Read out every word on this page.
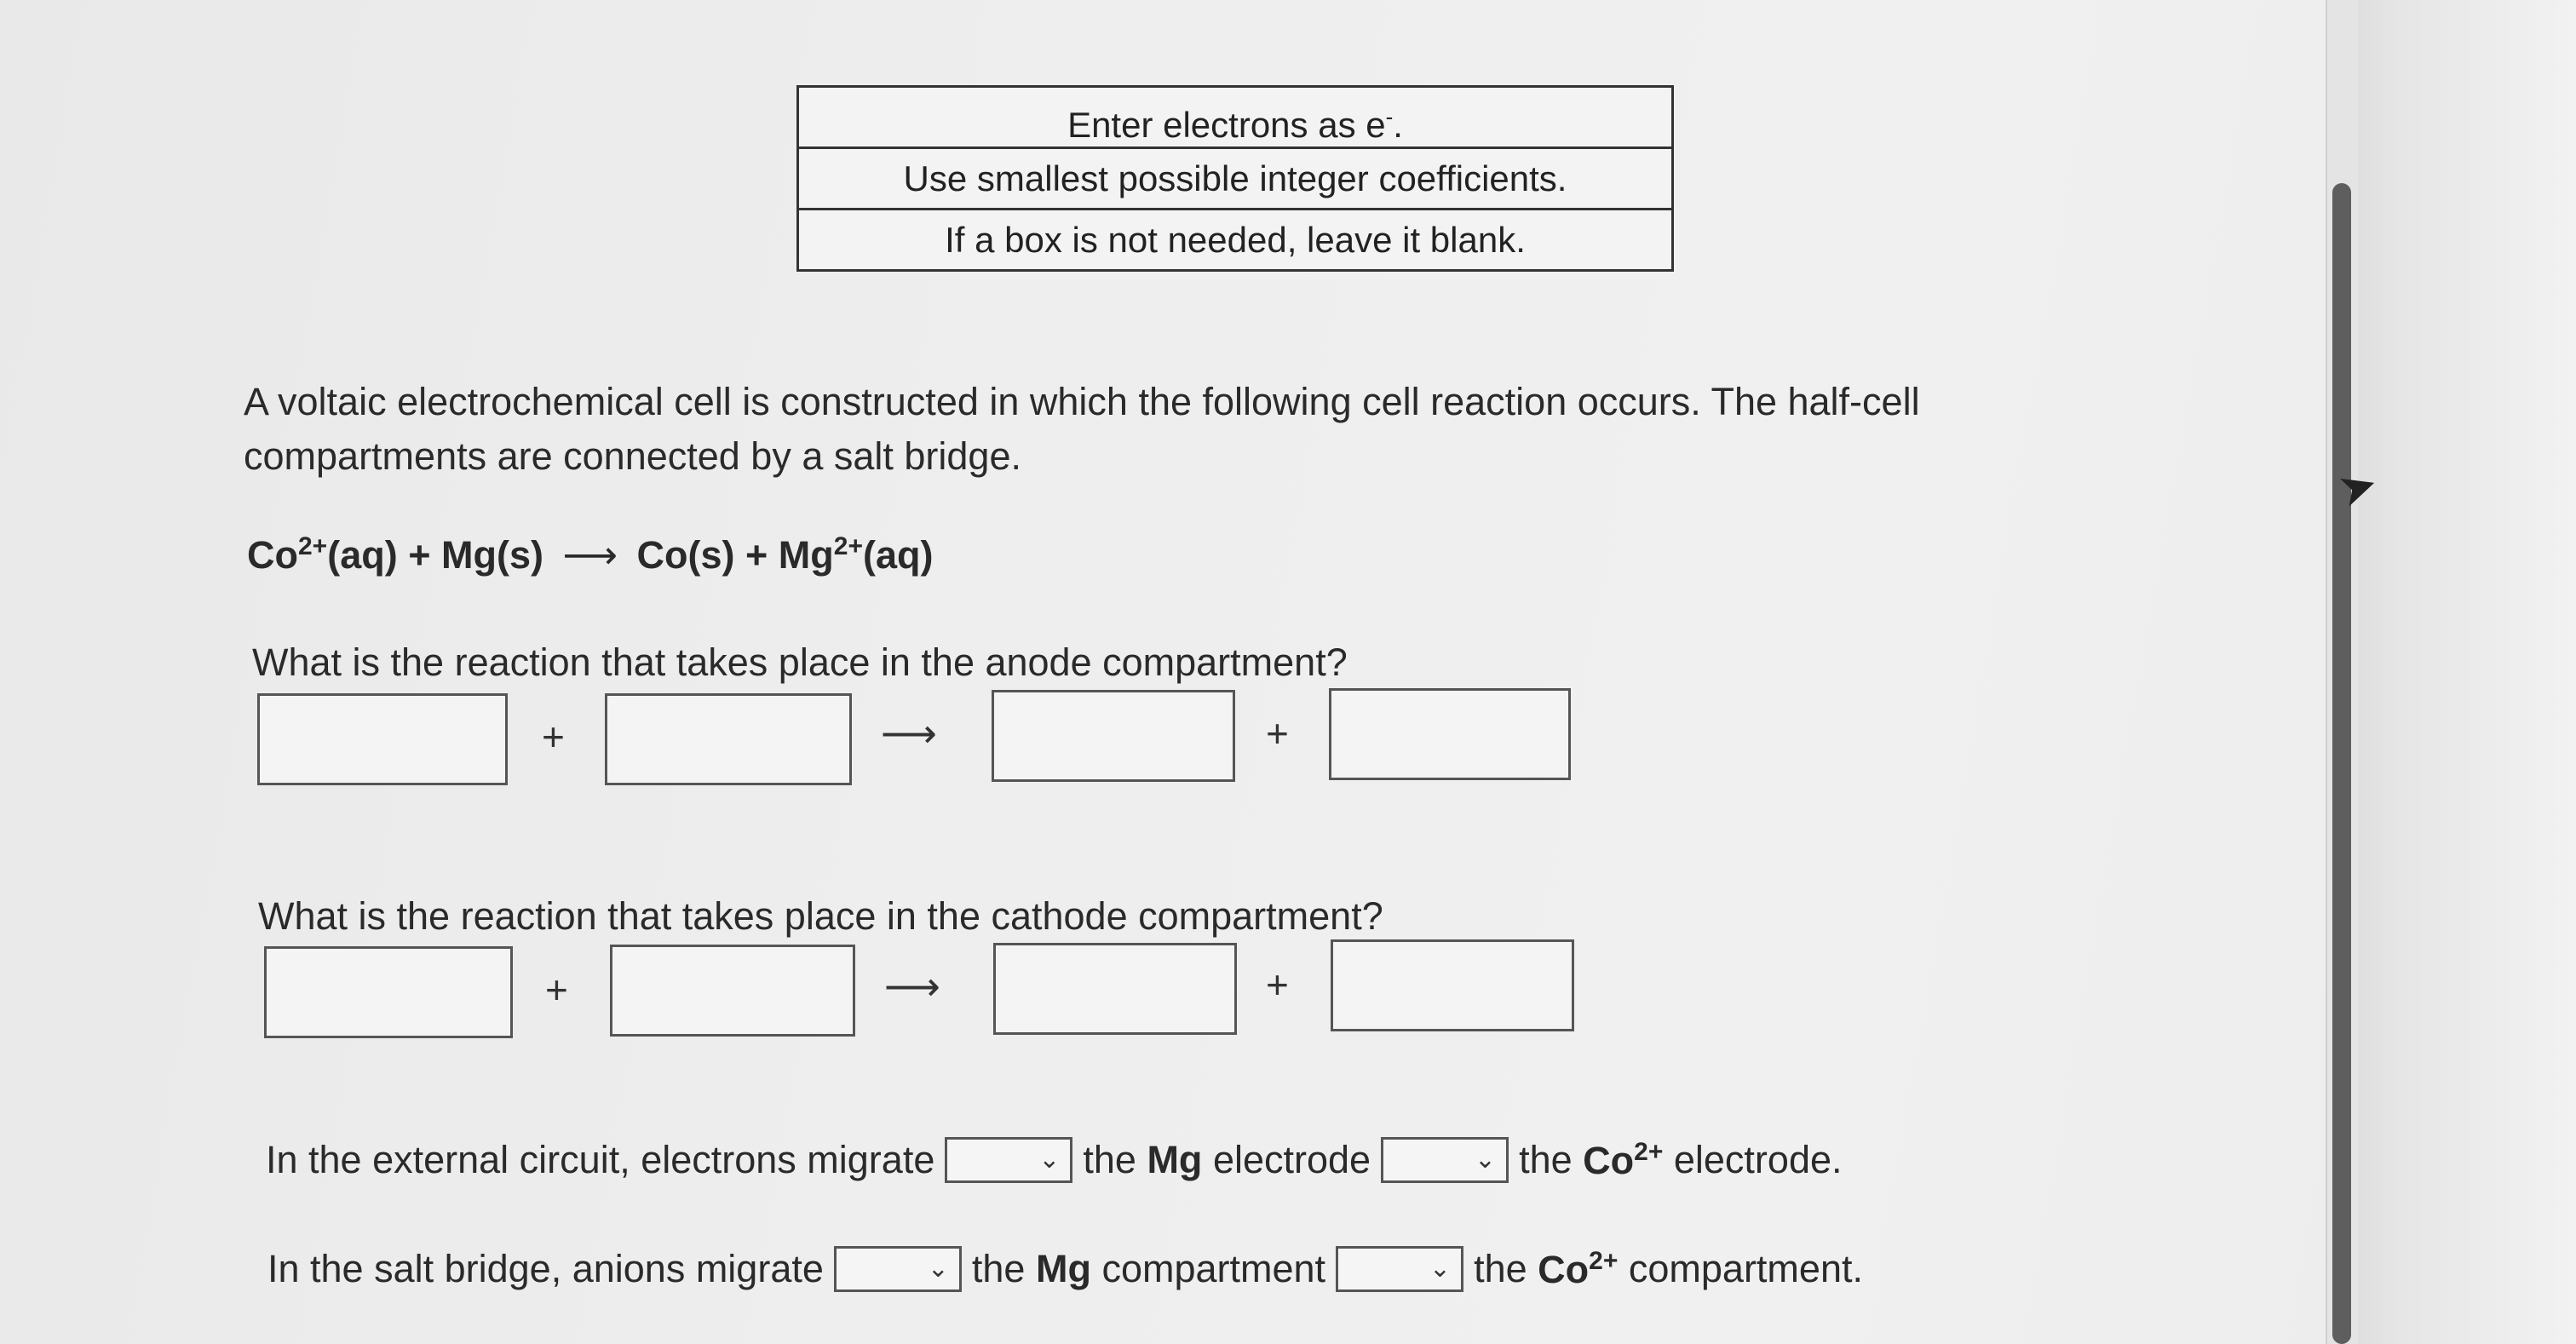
Enter electrons as e-.
Use smallest possible integer coefficients.
If a box is not needed, leave it blank.
A voltaic electrochemical cell is constructed in which the following cell reaction occurs. The half-cell compartments are connected by a salt bridge.
$Co^{2+}(aq) + Mg(s)$ ⟶ $Co(s) + Mg^{2+}(aq)$
What is the reaction that takes place in the anode compartment?
+	⟶	+
What is the reaction that takes place in the cathode compartment?
+	⟶	+
In the external circuit, electrons migrate	⌄ the
Mg
electrode	⌄ the
$Co^{2+}$
electrode.
In the salt bridge, anions migrate	⌄ the
Mg
compartment	⌄ the
$Co^{2+}$
compartment.
➤
